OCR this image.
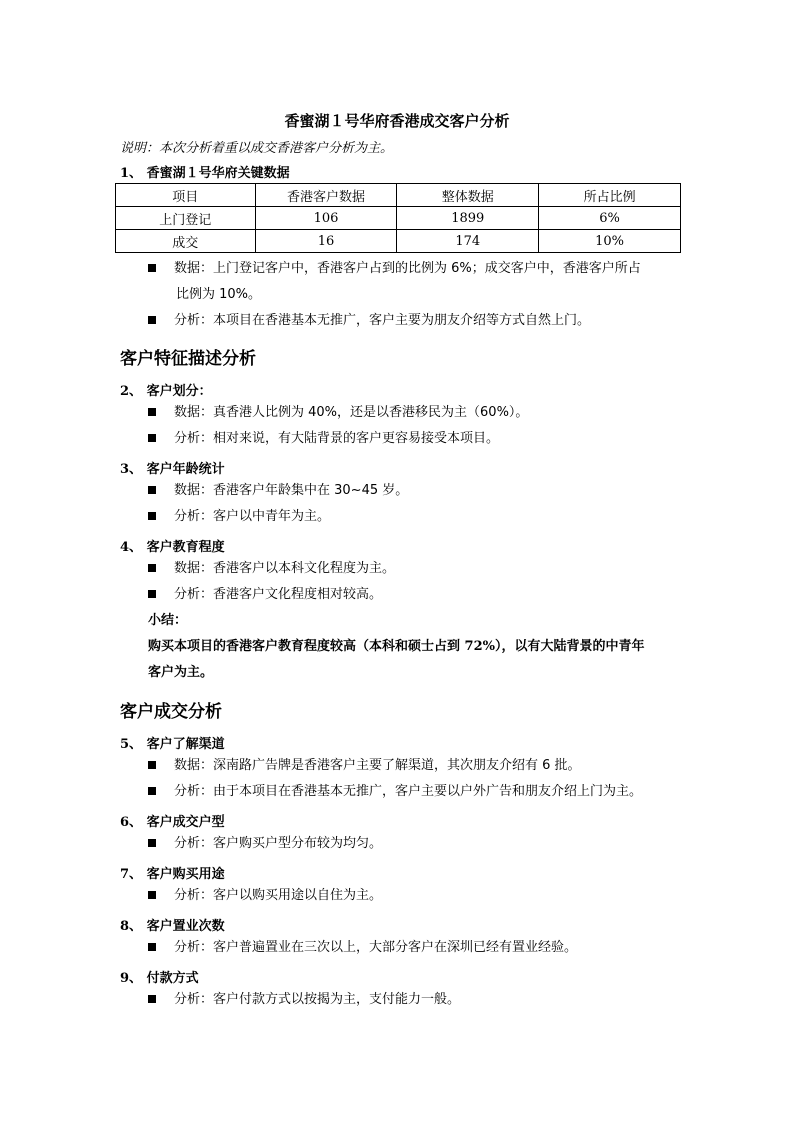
香蜜湖１号华府香港成交客户分析
说明：本次分析着重以成交香港客户分析为主。
1、 香蜜湖１号华府关键数据
项目	香港客户数据	整体数据	所占比例
上门登记	106	1899	6%
成交	16	174	10%
数据：上门登记客户中，香港客户占到的比例为 6%；成交客户中，香港客户所占
比例为 10%。
分析：本项目在香港基本无推广，客户主要为朋友介绍等方式自然上门。
客户特征描述分析
2、 客户划分：
数据：真香港人比例为 40%，还是以香港移民为主（60%）。
分析：相对来说，有大陆背景的客户更容易接受本项目。
3、 客户年龄统计
数据：香港客户年龄集中在 30~45 岁。
分析：客户以中青年为主。
4、 客户教育程度
数据：香港客户以本科文化程度为主。
分析：香港客户文化程度相对较高。
小结：
购买本项目的香港客户教育程度较高（本科和硕士占到 72%），以有大陆背景的中青年
客户为主。
客户成交分析
5、 客户了解渠道
数据：深南路广告牌是香港客户主要了解渠道，其次朋友介绍有 6 批。
分析：由于本项目在香港基本无推广，客户主要以户外广告和朋友介绍上门为主。
6、 客户成交户型
分析：客户购买户型分布较为均匀。
7、 客户购买用途
分析：客户以购买用途以自住为主。
8、 客户置业次数
分析：客户普遍置业在三次以上，大部分客户在深圳已经有置业经验。
9、 付款方式
分析：客户付款方式以按揭为主，支付能力一般。
